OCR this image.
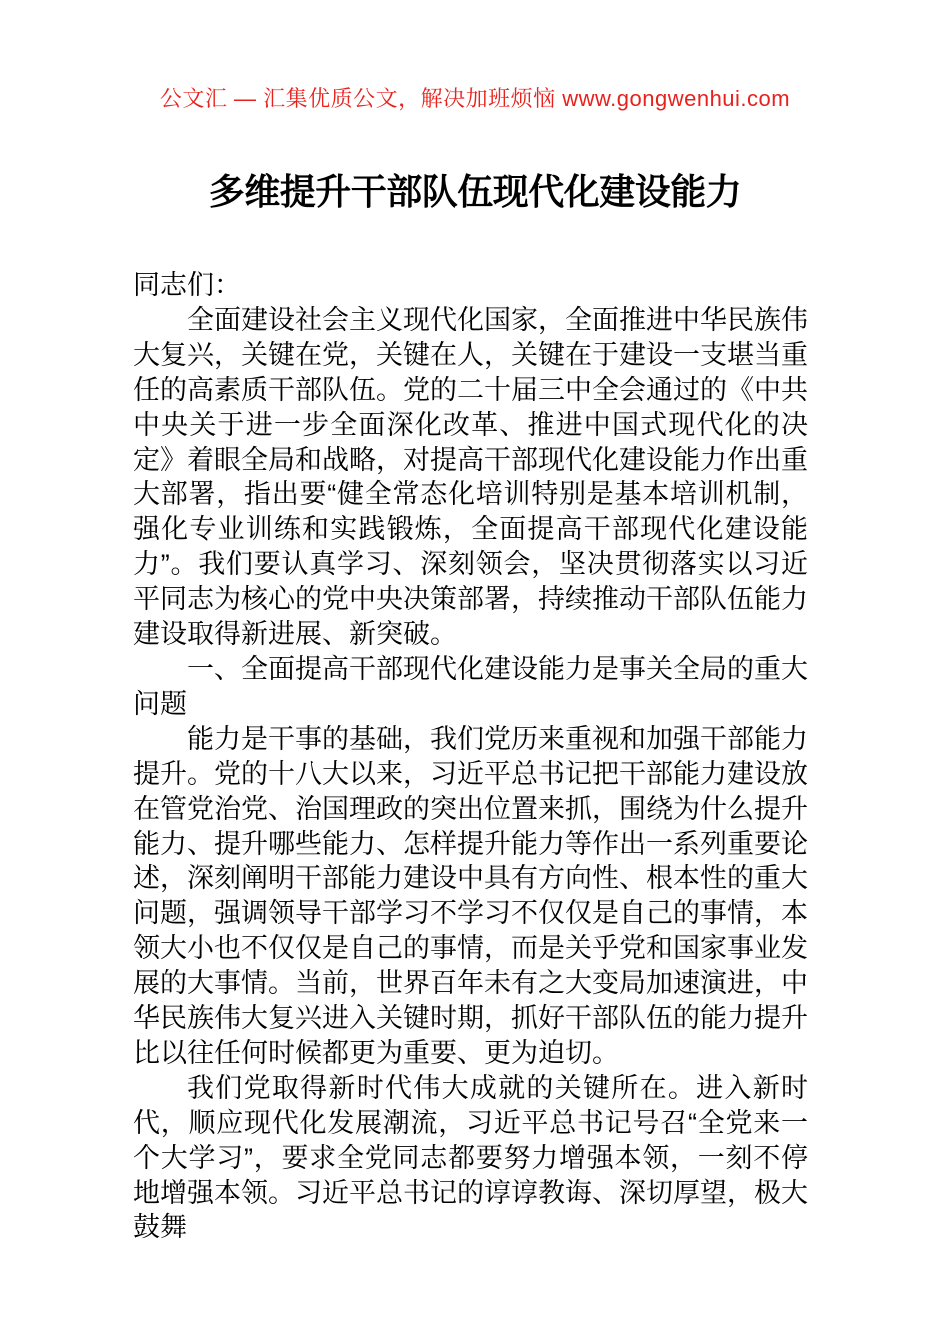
公文汇 — 汇集优质公文，解决加班烦恼 www.gongwenhui.com
多维提升干部队伍现代化建设能力

同志们：

全面建设社会主义现代化国家，全面推进中华民族伟大复兴，关键在党，关键在人，关键在于建设一支堪当重任的高素质干部队伍。党的二十届三中全会通过的《中共中央关于进一步全面深化改革、推进中国式现代化的决定》着眼全局和战略，对提高干部现代化建设能力作出重大部署，指出要“健全常态化培训特别是基本培训机制，强化专业训练和实践锻炼，全面提高干部现代化建设能力”。我们要认真学习、深刻领会，坚决贯彻落实以习近平同志为核心的党中央决策部署，持续推动干部队伍能力建设取得新进展、新突破。

一、全面提高干部现代化建设能力是事关全局的重大问题

能力是干事的基础，我们党历来重视和加强干部能力提升。党的十八大以来，习近平总书记把干部能力建设放在管党治党、治国理政的突出位置来抓，围绕为什么提升能力、提升哪些能力、怎样提升能力等作出一系列重要论述，深刻阐明干部能力建设中具有方向性、根本性的重大问题，强调领导干部学习不学习不仅仅是自己的事情，本领大小也不仅仅是自己的事情，而是关乎党和国家事业发展的大事情。当前，世界百年未有之大变局加速演进，中华民族伟大复兴进入关键时期，抓好干部队伍的能力提升比以往任何时候都更为重要、更为迫切。

我们党取得新时代伟大成就的关键所在。进入新时代，顺应现代化发展潮流，习近平总书记号召“全党来一个大学习”，要求全党同志都要努力增强本领，一刻不停地增强本领。习近平总书记的谆谆教诲、深切厚望，极大鼓舞
